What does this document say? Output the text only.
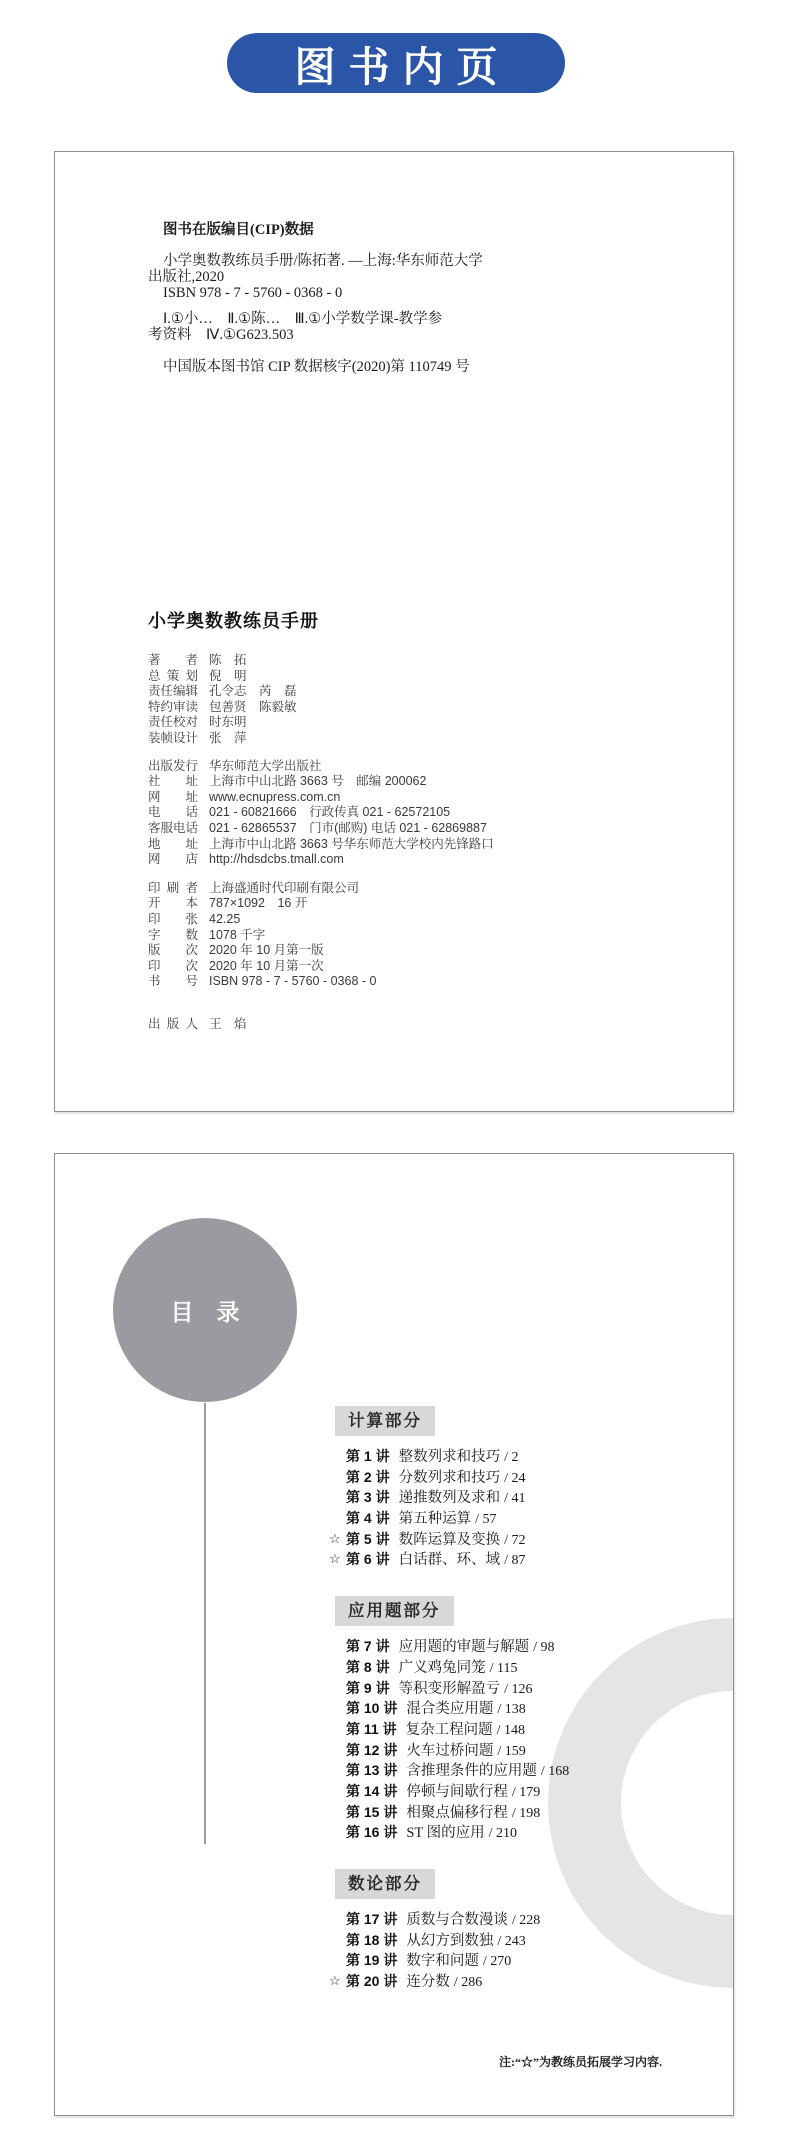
图书内页

图书在版编目(CIP)数据

小学奥数教练员手册/陈拓著. —上海:华东师范大学

出版社,2020

ISBN 978 - 7 - 5760 - 0368 - 0

Ⅰ.①小…　Ⅱ.①陈…　Ⅲ.①小学数学课-教学参

考资料　Ⅳ.①G623.503

中国版本图书馆 CIP 数据核字(2020)第 110749 号

小学奥数教练员手册
著 者 陈　拓
总 策 划 倪　明
责任编辑 孔令志　芮　磊
特约审读 包善贤　陈毅敏
责任校对 时东明
装帧设计 张　萍
出版发行 华东师范大学出版社
社 址 上海市中山北路 3663 号　邮编 200062
网 址 www.ecnupress.com.cn
电 话 021 - 60821666　行政传真 021 - 62572105
客服电话 021 - 62865537　门市(邮购) 电话 021 - 62869887
地 址 上海市中山北路 3663 号华东师范大学校内先锋路口
网 店 http://hdsdcbs.tmall.com
印 刷 者 上海盛通时代印刷有限公司
开 本 787×1092　16 开
印 张 42.25
字 数 1078 千字
版 次 2020 年 10 月第一版
印 次 2020 年 10 月第一次
书 号 ISBN 978 - 7 - 5760 - 0368 - 0
出 版 人 王　焰
目　录
计算部分
第 1 讲 整数列求和技巧 / 2
第 2 讲 分数列求和技巧 / 24
第 3 讲 递推数列及求和 / 41
第 4 讲 第五种运算 / 57
☆ 第 5 讲 数阵运算及变换 / 72
☆ 第 6 讲 白话群、环、域 / 87
应用题部分
第 7 讲 应用题的审题与解题 / 98
第 8 讲 广义鸡兔同笼 / 115
第 9 讲 等积变形解盈亏 / 126
第 10 讲 混合类应用题 / 138
第 11 讲 复杂工程问题 / 148
第 12 讲 火车过桥问题 / 159
第 13 讲 含推理条件的应用题 / 168
第 14 讲 停顿与间歇行程 / 179
第 15 讲 相聚点偏移行程 / 198
第 16 讲 ST 图的应用 / 210
数论部分
第 17 讲 质数与合数漫谈 / 228
第 18 讲 从幻方到数独 / 243
第 19 讲 数字和问题 / 270
☆ 第 20 讲 连分数 / 286

注:“☆”为教练员拓展学习内容.
